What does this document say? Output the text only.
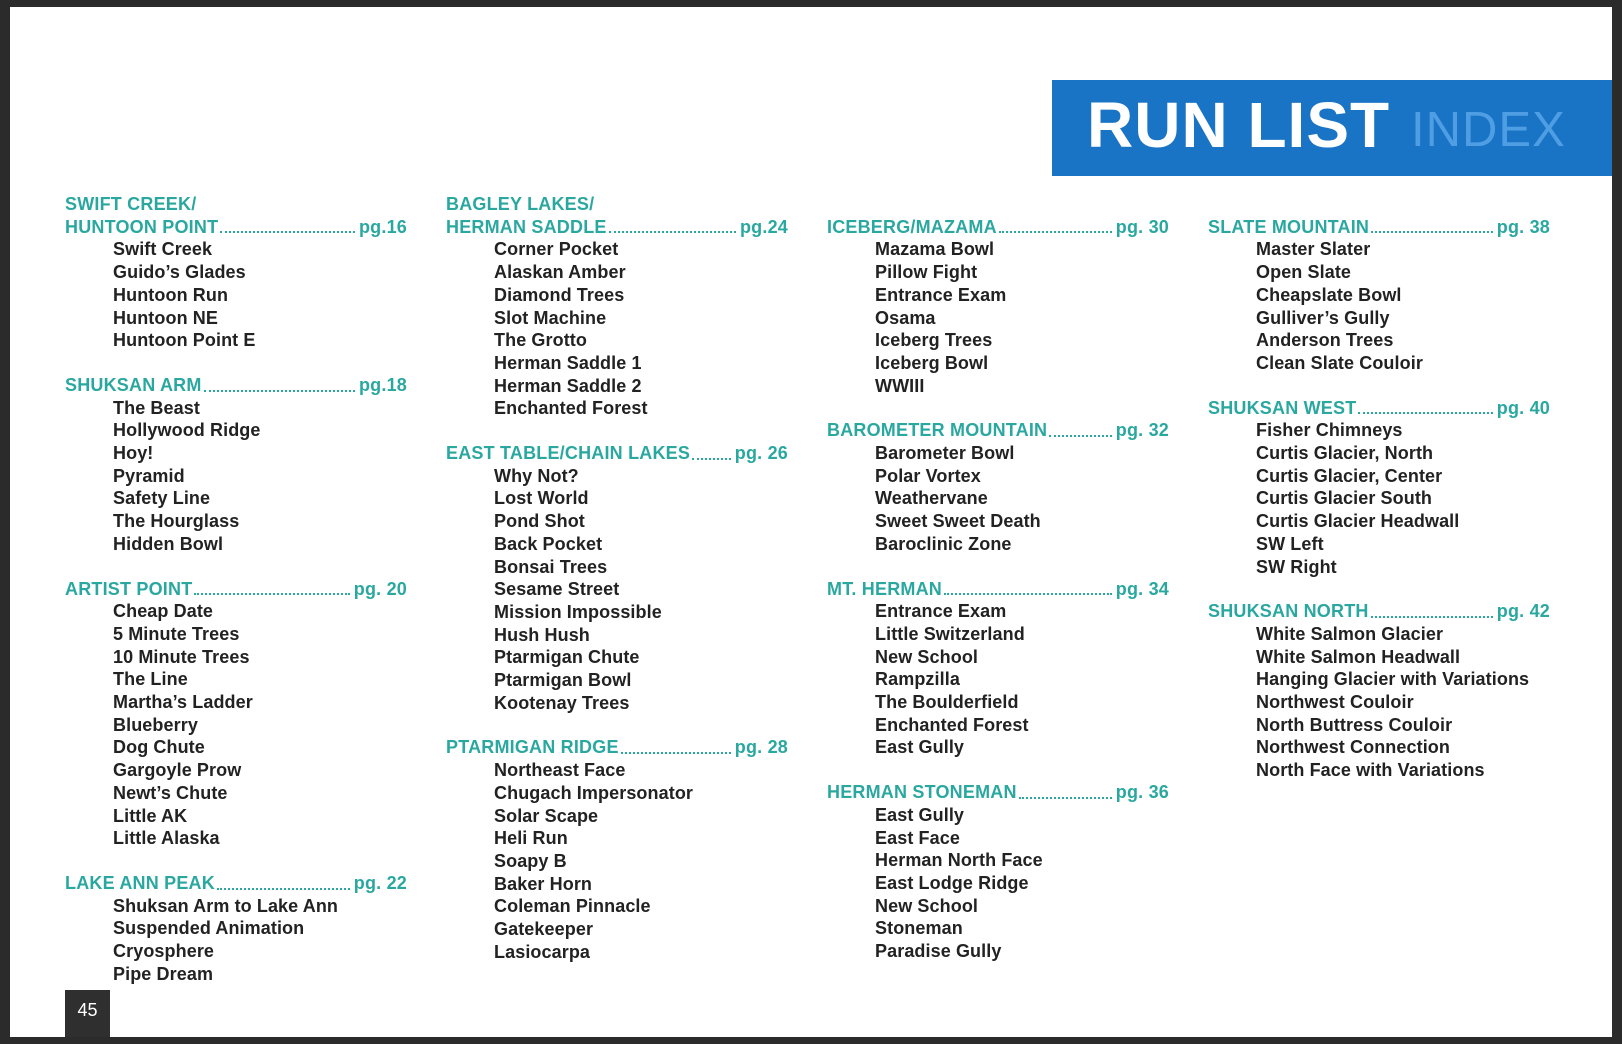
RUN LIST INDEX
SWIFT CREEK/
HUNTOON POINT	pg.16
Swift Creek
Guido’s Glades
Huntoon Run
Huntoon NE
Huntoon Point E
SHUKSAN ARM	pg.18
The Beast
Hollywood Ridge
Hoy!
Pyramid
Safety Line
The Hourglass
Hidden Bowl
ARTIST POINT	pg. 20
Cheap Date
5 Minute Trees
10 Minute Trees
The Line
Martha’s Ladder
Blueberry
Dog Chute
Gargoyle Prow
Newt’s Chute
Little AK
Little Alaska
LAKE ANN PEAK	pg. 22
Shuksan Arm to Lake Ann
Suspended Animation
Cryosphere
Pipe Dream
BAGLEY LAKES/
HERMAN SADDLE	pg.24
Corner Pocket
Alaskan Amber
Diamond Trees
Slot Machine
The Grotto
Herman Saddle 1
Herman Saddle 2
Enchanted Forest
EAST TABLE/CHAIN LAKES pg. 26
Why Not?
Lost World
Pond Shot
Back Pocket
Bonsai Trees
Sesame Street
Mission Impossible
Hush Hush
Ptarmigan Chute
Ptarmigan Bowl
Kootenay Trees
PTARMIGAN RIDGE	pg. 28
Northeast Face
Chugach Impersonator
Solar Scape
Heli Run
Soapy B
Baker Horn
Coleman Pinnacle
Gatekeeper
Lasiocarpa
ICEBERG/MAZAMA	pg. 30
Mazama Bowl
Pillow Fight
Entrance Exam
Osama
Iceberg Trees
Iceberg Bowl
WWIII
BAROMETER MOUNTAIN	pg. 32
Barometer Bowl
Polar Vortex
Weathervane
Sweet Sweet Death
Baroclinic Zone
MT. HERMAN	pg. 34
Entrance Exam
Little Switzerland
New School
Rampzilla
The Boulderfield
Enchanted Forest
East Gully
HERMAN STONEMAN	pg. 36
East Gully
East Face
Herman North Face
East Lodge Ridge
New School
Stoneman
Paradise Gully
SLATE MOUNTAIN	pg. 38
Master Slater
Open Slate
Cheapslate Bowl
Gulliver’s Gully
Anderson Trees
Clean Slate Couloir
SHUKSAN WEST	pg. 40
Fisher Chimneys
Curtis Glacier, North
Curtis Glacier, Center
Curtis Glacier South
Curtis Glacier Headwall
SW Left
SW Right
SHUKSAN NORTH	pg. 42
White Salmon Glacier
White Salmon Headwall
Hanging Glacier with Variations
Northwest Couloir
North Buttress Couloir
Northwest Connection
North Face with Variations
45
